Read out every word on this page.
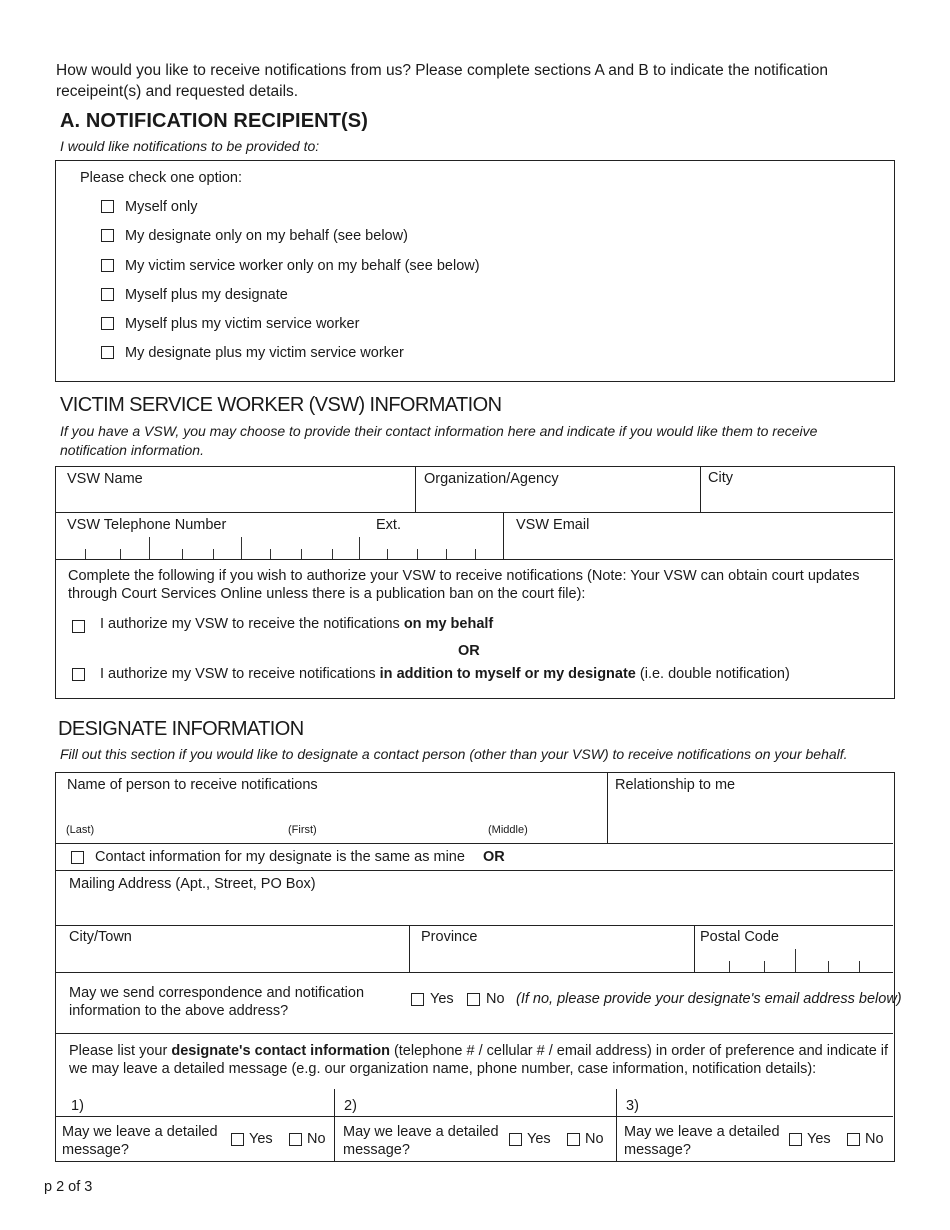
How would you like to receive notifications from us? Please complete sections A and B to indicate the notification receipeint(s) and requested details.
A. NOTIFICATION RECIPIENT(S)
I would like notifications to be provided to:
Please check one option:
Myself only
My designate only on my behalf (see below)
My victim service worker only on my behalf (see below)
Myself plus my designate
Myself plus my victim service worker
My designate plus my victim service worker
VICTIM SERVICE WORKER (VSW) INFORMATION
If you have a VSW, you may choose to provide their contact information here and indicate if you would like them to receive notification information.
VSW Name	Organization/Agency	City
VSW Telephone Number	Ext.	VSW Email
Complete the following if you wish to authorize your VSW to receive notifications (Note: Your VSW can obtain court updates through Court Services Online unless there is a publication ban on the court file):
I authorize my VSW to receive the notifications on my behalf
OR
I authorize my VSW to receive notifications in addition to myself or my designate (i.e. double notification)
DESIGNATE INFORMATION
Fill out this section if you would like to designate a contact person (other than your VSW) to receive notifications on your behalf.
Name of person to receive notifications
(Last)	(First)	(Middle)
Relationship to me
Contact information for my designate is the same as mine OR
Mailing Address (Apt., Street, PO Box)
City/Town	Province	Postal Code
May we send correspondence and notification information to the above address?
Yes No (If no, please provide your designate's email address below)
Please list your designate's contact information (telephone # / cellular # / email address) in order of preference and indicate if we may leave a detailed message (e.g. our organization name, phone number, case information, notification details):
1)
May we leave a detailed message?
Yes No
2)
May we leave a detailed message?
Yes No
3)
May we leave a detailed message?
Yes No
p 2 of 3
